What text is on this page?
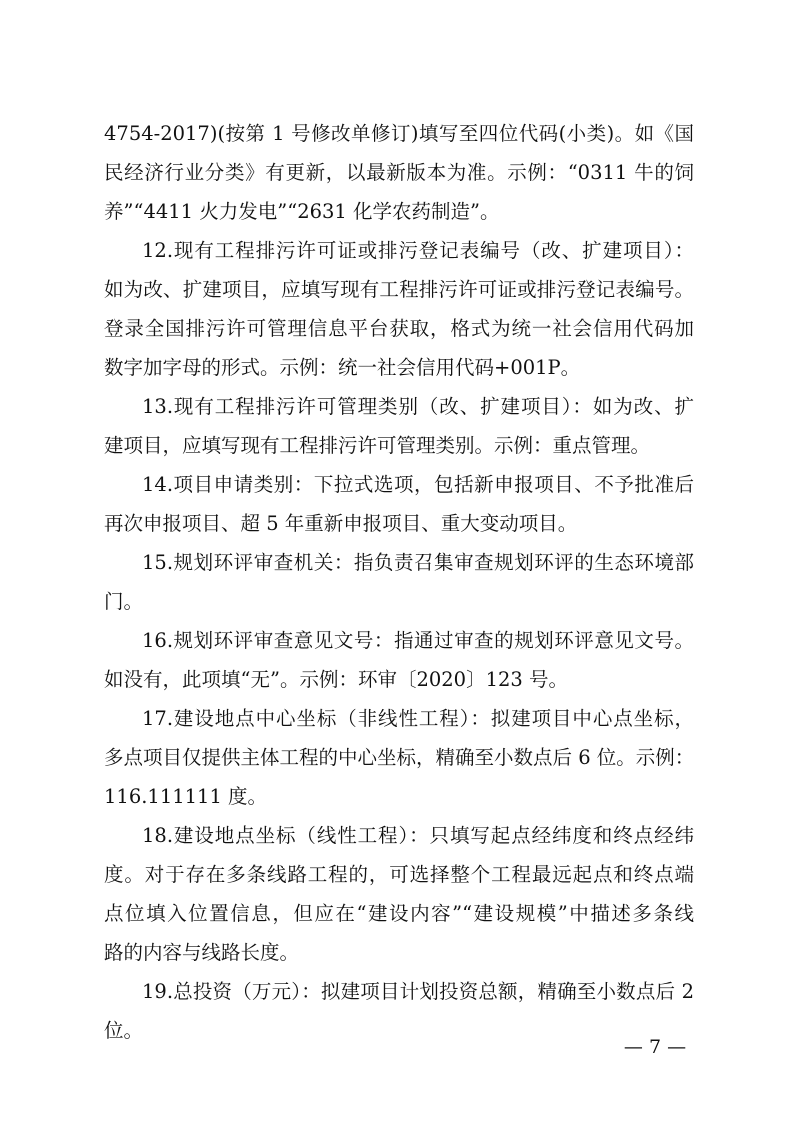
4754-2017)(按第 1 号修改单修订)填写至四位代码(小类)。如《国
民经济行业分类》有更新，以最新版本为准。示例：“0311 牛的饲
养”“4411 火力发电”“2631 化学农药制造”。
12.现有工程排污许可证或排污登记表编号（改、扩建项目）：
如为改、扩建项目，应填写现有工程排污许可证或排污登记表编号。
登录全国排污许可管理信息平台获取，格式为统一社会信用代码加
数字加字母的形式。示例：统一社会信用代码+001P。
13.现有工程排污许可管理类别（改、扩建项目）：如为改、扩
建项目，应填写现有工程排污许可管理类别。示例：重点管理。
14.项目申请类别：下拉式选项，包括新申报项目、不予批准后
再次申报项目、超 5 年重新申报项目、重大变动项目。
15.规划环评审查机关：指负责召集审查规划环评的生态环境部
门。
16.规划环评审查意见文号：指通过审查的规划环评意见文号。
如没有，此项填“无”。示例：环审〔2020〕123 号。
17.建设地点中心坐标（非线性工程）：拟建项目中心点坐标，
多点项目仅提供主体工程的中心坐标，精确至小数点后 6 位。示例：
116.111111 度。
18.建设地点坐标（线性工程）：只填写起点经纬度和终点经纬
度。对于存在多条线路工程的，可选择整个工程最远起点和终点端
点位填入位置信息，但应在“建设内容”“建设规模”中描述多条线
路的内容与线路长度。
19.总投资（万元）：拟建项目计划投资总额，精确至小数点后 2
位。
— 7 —
